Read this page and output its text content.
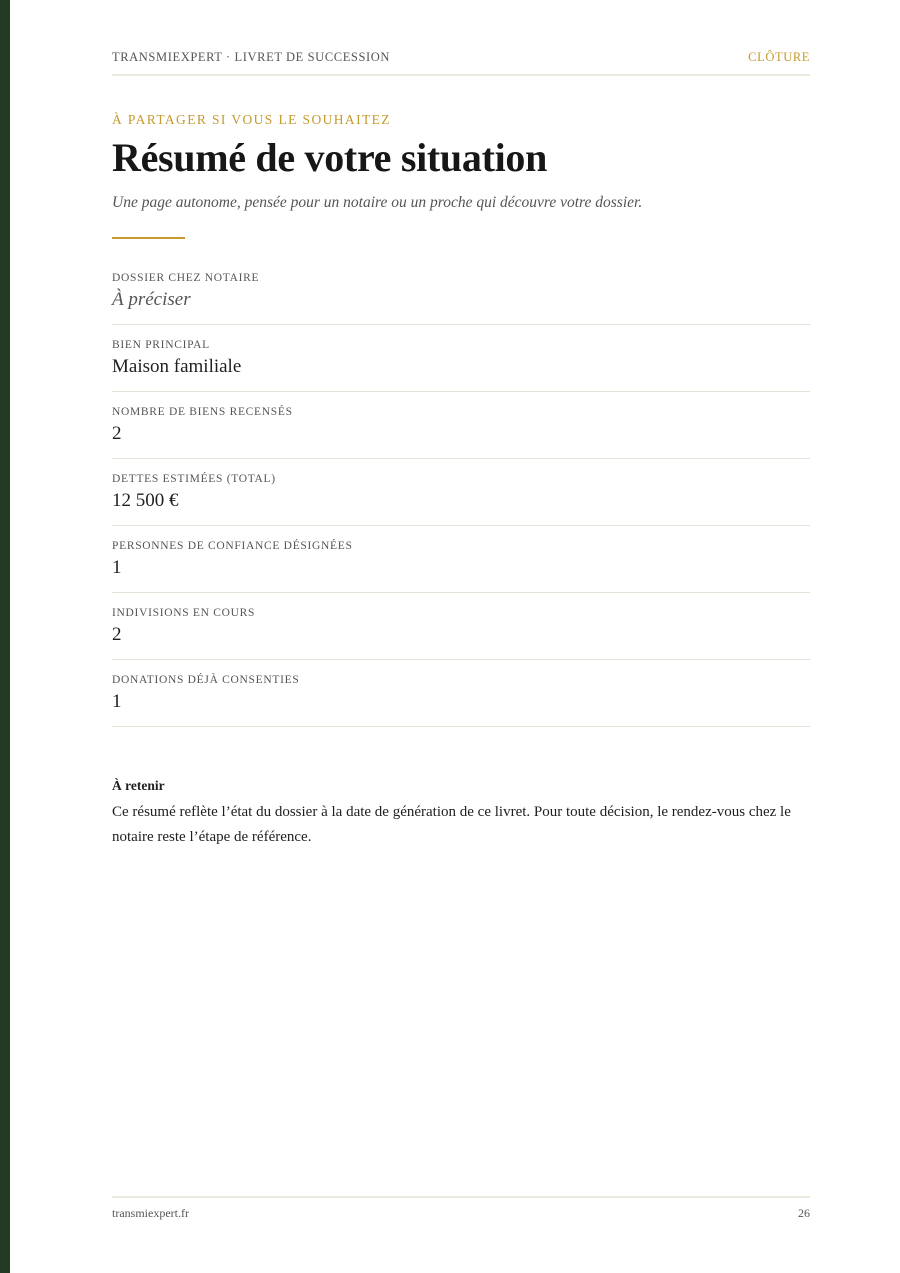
TRANSMIEXPERT · LIVRET DE SUCCESSION	CLÔTURE
À PARTAGER SI VOUS LE SOUHAITEZ
Résumé de votre situation
Une page autonome, pensée pour un notaire ou un proche qui découvre votre dossier.
DOSSIER CHEZ NOTAIRE
À préciser
BIEN PRINCIPAL
Maison familiale
NOMBRE DE BIENS RECENSÉS
2
DETTES ESTIMÉES (TOTAL)
12 500 €
PERSONNES DE CONFIANCE DÉSIGNÉES
1
INDIVISIONS EN COURS
2
DONATIONS DÉJÀ CONSENTIES
1
À retenir
Ce résumé reflète l’état du dossier à la date de génération de ce livret. Pour toute décision, le rendez-vous chez le notaire reste l’étape de référence.
transmiexpert.fr	26
